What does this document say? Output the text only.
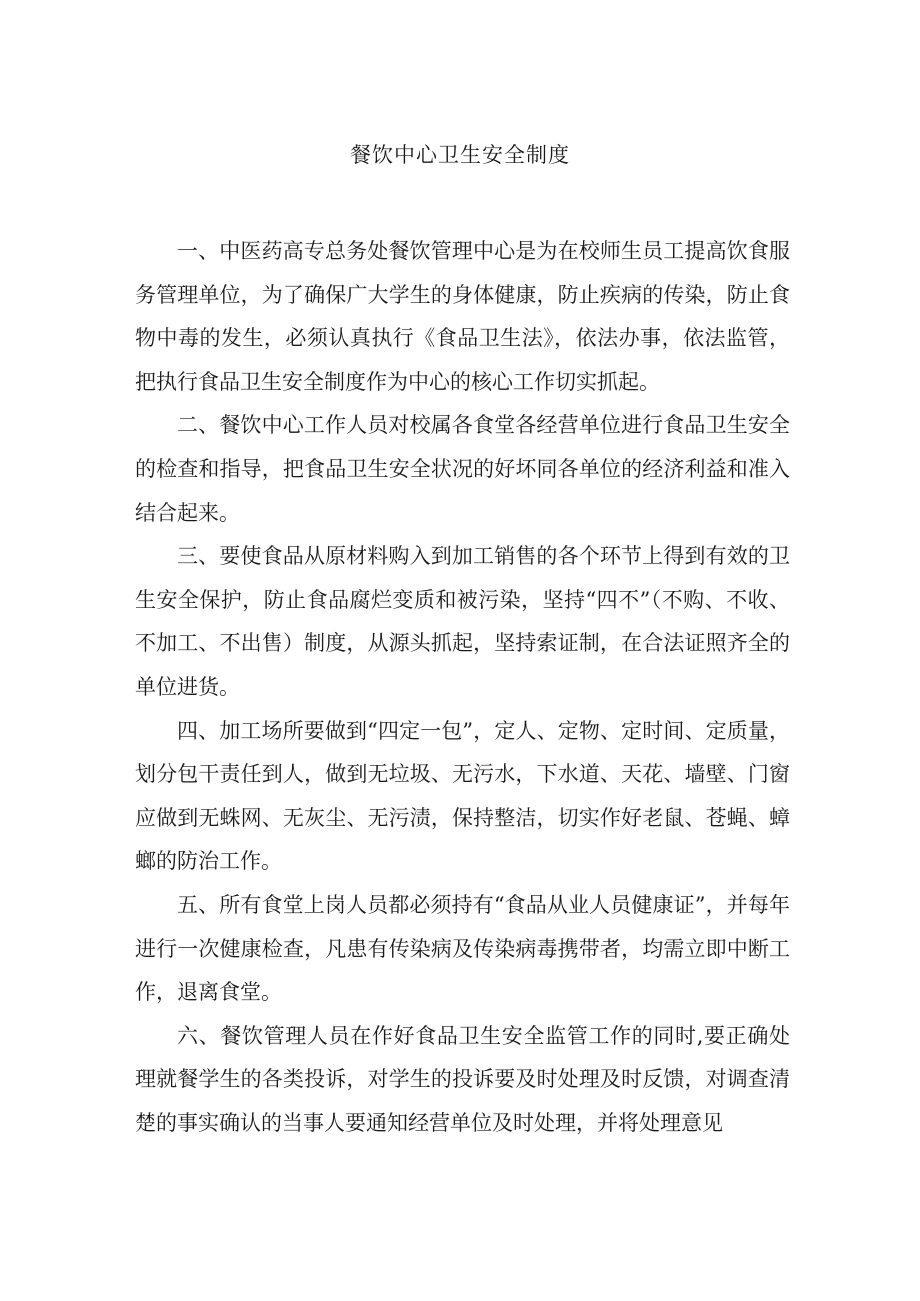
餐饮中心卫生安全制度

一、中医药高专总务处餐饮管理中心是为在校师生员工提高饮食服务管理单位，为了确保广大学生的身体健康，防止疾病的传染，防止食物中毒的发生，必须认真执行《食品卫生法》，依法办事，依法监管，把执行食品卫生安全制度作为中心的核心工作切实抓起。

二、餐饮中心工作人员对校属各食堂各经营单位进行食品卫生安全的检查和指导，把食品卫生安全状况的好坏同各单位的经济利益和准入结合起来。

三、要使食品从原材料购入到加工销售的各个环节上得到有效的卫生安全保护，防止食品腐烂变质和被污染，坚持“四不”（不购、不收、不加工、不出售）制度，从源头抓起，坚持索证制，在合法证照齐全的单位进货。

四、加工场所要做到“四定一包”，定人、定物、定时间、定质量，划分包干责任到人，做到无垃圾、无污水，下水道、天花、墙壁、门窗应做到无蛛网、无灰尘、无污渍，保持整洁，切实作好老鼠、苍蝇、蟑螂的防治工作。

五、所有食堂上岗人员都必须持有“食品从业人员健康证”，并每年进行一次健康检查，凡患有传染病及传染病毒携带者，均需立即中断工作，退离食堂。

六、餐饮管理人员在作好食品卫生安全监管工作的同时,要正确处理就餐学生的各类投诉，对学生的投诉要及时处理及时反馈，对调查清楚的事实确认的当事人要通知经营单位及时处理，并将处理意见
